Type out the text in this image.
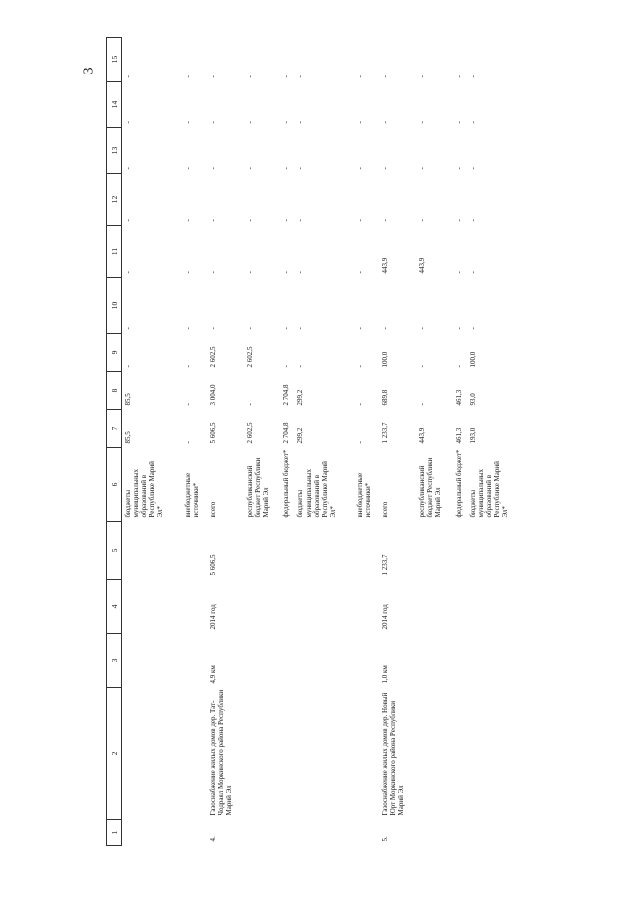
3
1	2	3	4	5	6	7	8	9	10	11	12	13	14	15
					бюджеты муниципальных образований в Республике Марий Эл*	85,5	85,5	-	-	-	-	-	-	-
					внебюджетные источники*	-	-	-	-	-	-	-	-	-
4.	Газоснабжение жилых домов дер. Тат-Чодраял Моркинского района Республики Марий Эл	4,9 км	2014 год	5 606,5	всего	5 606,5	3 004,0	2 602,5	-	-	-	-	-	-
					республиканский бюджет Республики Марий Эл	2 602,5	-	2 602,5	-	-	-	-	-	-
					федеральный бюджет*	2 704,8	2 704,8	-	-	-	-	-	-	-
					бюджеты муниципальных образований в Республике Марий Эл*	299,2	299,2	-	-	-	-	-	-	-
					внебюджетные источники*	-	-	-	-	-	-	-	-	-
5.	Газоснабжение жилых домов дер. Новый Юрт Моркинского района Республики Марий Эл	1,0 км	2014 год	1 233,7	всего	1 233,7	689,8	100,0	-	443,9	-	-	-	-
					республиканский бюджет Республики Марий Эл	443,9	-	-	-	443,9	-	-	-	-
					федеральный бюджет*	461,3	461,3	-	-	-	-	-	-	-
					бюджеты муниципальных образований в Республике Марий Эл*	193,0	93,0	100,0	-	-	-	-	-	-
